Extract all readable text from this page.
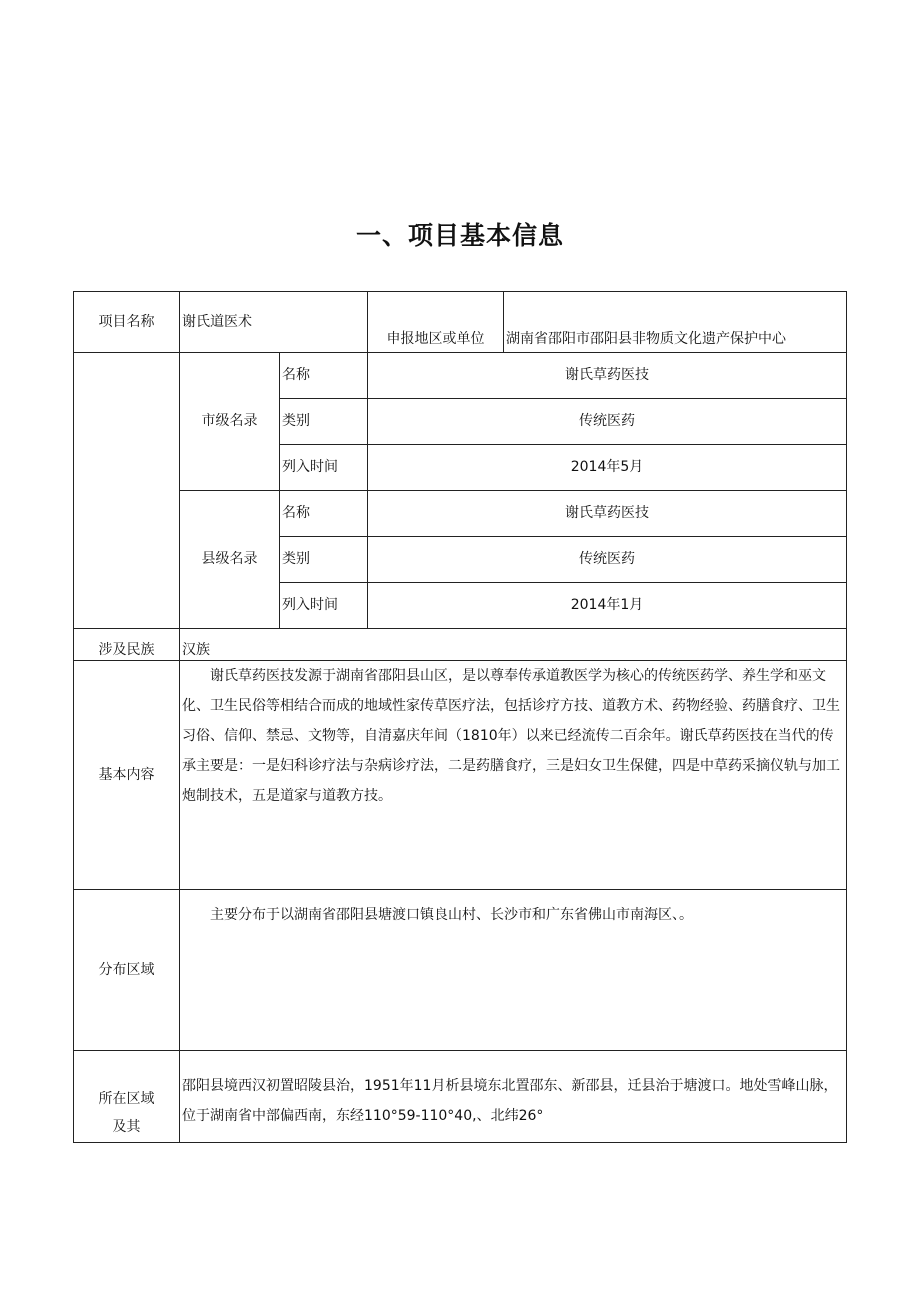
一、项目基本信息
项目名称	谢氏道医术		申报地区或单位	湖南省邵阳市邵阳县非物质文化遗产保护中心
	市级名录	名称	谢氏草药医技	
		类别	传统医药	
		列入时间	2014年5月	
	县级名录	名称	谢氏草药医技	
		类别	传统医药	
		列入时间	2014年1月	
涉及民族	汉族			
基本内容	谢氏草药医技发源于湖南省邵阳县山区，是以尊奉传承道教医学为核心的传统医药学、养生学和巫文化、卫生民俗等相结合而成的地域性家传草医疗法，包括诊疗方技、道教方术、药物经验、药膳食疗、卫生习俗、信仰、禁忌、文物等，自清嘉庆年间（1810年）以来已经流传二百余年。谢氏草药医技在当代的传承主要是：一是妇科诊疗法与杂病诊疗法，二是药膳食疗，三是妇女卫生保健，四是中草药采摘仪轨与加工炮制技术，五是道家与道教方技。			

分布区域	主要分布于以湖南省邵阳县塘渡口镇良山村、长沙市和广东省佛山市南海区、。			

所在区域
及其	邵阳县境西汉初置昭陵县治，1951年11月析县境东北置邵东、新邵县，迁县治于塘渡口。地处雪峰山脉，位于湖南省中部偏西南，东经110°59-110°40,、北纬26°			
